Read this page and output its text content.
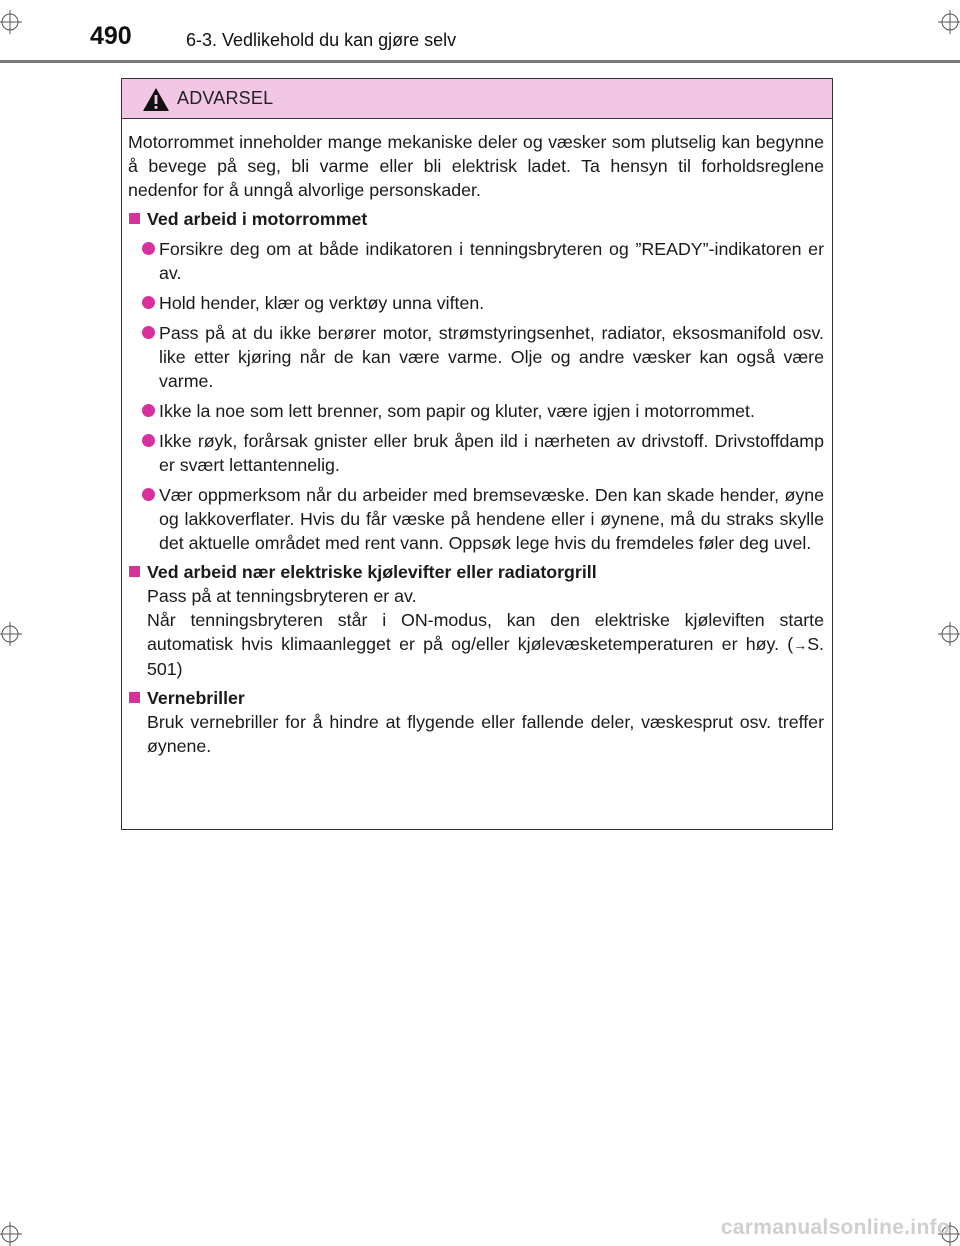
490	6-3. Vedlikehold du kan gjøre selv
ADVARSEL

Motorrommet inneholder mange mekaniske deler og væsker som plutselig kan begynne å bevege på seg, bli varme eller bli elektrisk ladet. Ta hensyn til forholdsreglene nedenfor for å unngå alvorlige personskader.

Ved arbeid i motorrommet
Forsikre deg om at både indikatoren i tenningsbryteren og ”READY”-indikatoren er av.
Hold hender, klær og verktøy unna viften.
Pass på at du ikke berører motor, strømstyringsenhet, radiator, eksosmanifold osv. like etter kjøring når de kan være varme. Olje og andre væsker kan også være varme.
Ikke la noe som lett brenner, som papir og kluter, være igjen i motorrommet.
Ikke røyk, forårsak gnister eller bruk åpen ild i nærheten av drivstoff. Drivstoffdamp er svært lettantennelig.
Vær oppmerksom når du arbeider med bremsevæske. Den kan skade hender, øyne og lakkoverflater. Hvis du får væske på hendene eller i øynene, må du straks skylle det aktuelle området med rent vann. Oppsøk lege hvis du fremdeles føler deg uvel.
Ved arbeid nær elektriske kjølevifter eller radiatorgrill

Pass på at tenningsbryteren er av.

Når tenningsbryteren står i ON-modus, kan den elektriske kjøleviften starte automatisk hvis klimaanlegget er på og/eller kjølevæsketemperaturen er høy. (→S. 501)

Vernebriller

Bruk vernebriller for å hindre at flygende eller fallende deler, væskesprut osv. treffer øynene.

carmanualsonline.info
